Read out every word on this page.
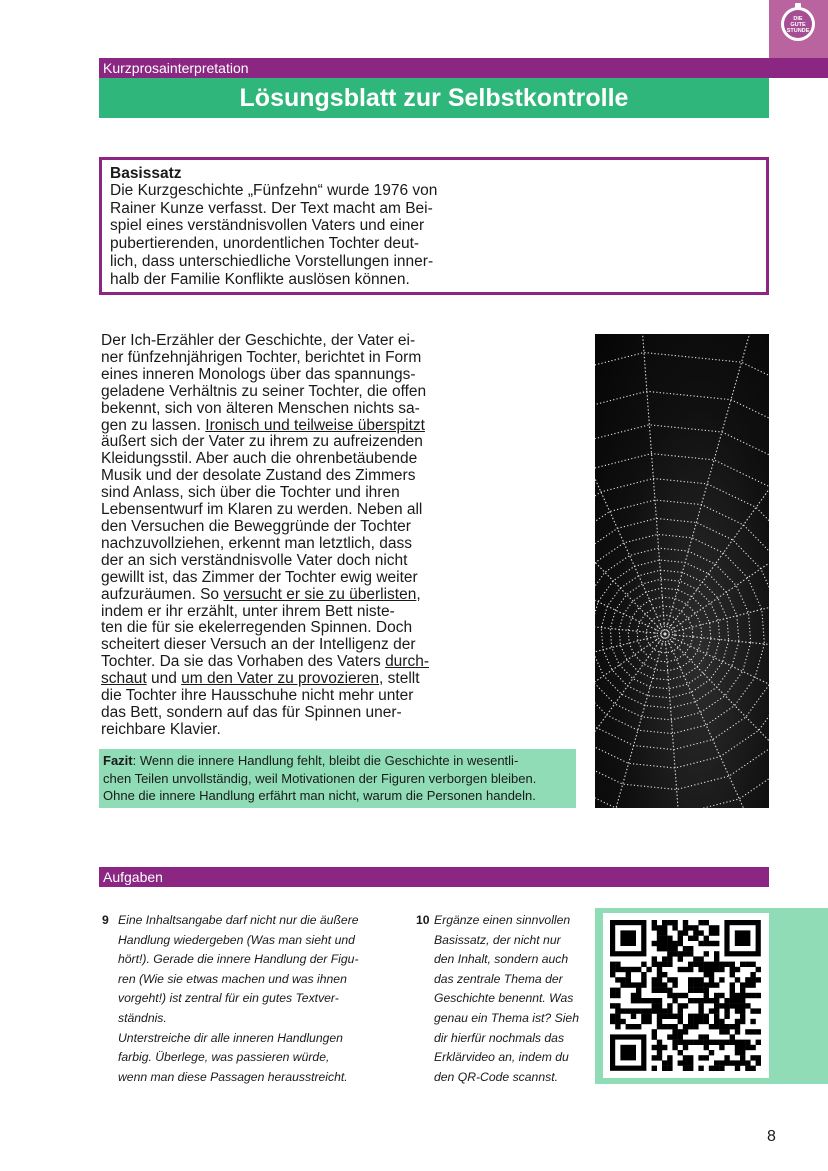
DIE
GUTE
STUNDE
Kurzprosainterpretation
Lösungsblatt zur Selbstkontrolle
Basissatz
Die Kurzgeschichte „Fünfzehn“ wurde 1976 von
Rainer Kunze verfasst. Der Text macht am Bei-
spiel eines verständnisvollen Vaters und einer
pubertierenden, unordentlichen Tochter deut-
lich, dass unterschiedliche Vorstellungen inner-
halb der Familie Konflikte auslösen können.
Der Ich-Erzähler der Geschichte, der Vater ei-
ner fünfzehnjährigen Tochter, berichtet in Form
eines inneren Monologs über das spannungs-
geladene Verhältnis zu seiner Tochter, die offen
bekennt, sich von älteren Menschen nichts sa-
gen zu lassen. Ironisch und teilweise überspitzt
äußert sich der Vater zu ihrem zu aufreizenden
Kleidungsstil. Aber auch die ohrenbetäubende
Musik und der desolate Zustand des Zimmers
sind Anlass, sich über die Tochter und ihren
Lebensentwurf im Klaren zu werden. Neben all
den Versuchen die Beweggründe der Tochter
nachzuvollziehen, erkennt man letztlich, dass
der an sich verständnisvolle Vater doch nicht
gewillt ist, das Zimmer der Tochter ewig weiter
aufzuräumen. So versucht er sie zu überlisten,
indem er ihr erzählt, unter ihrem Bett niste-
ten die für sie ekelerregenden Spinnen. Doch
scheitert dieser Versuch an der Intelligenz der
Tochter. Da sie das Vorhaben des Vaters durch-
schaut und um den Vater zu provozieren, stellt
die Tochter ihre Hausschuhe nicht mehr unter
das Bett, sondern auf das für Spinnen uner-
reichbare Klavier.
Fazit: Wenn die innere Handlung fehlt, bleibt die Geschichte in wesentli-
chen Teilen unvollständig, weil Motivationen der Figuren verborgen bleiben.
Ohne die innere Handlung erfährt man nicht, warum die Personen handeln.
Aufgaben
9 Eine Inhaltsangabe darf nicht nur die äußere

Handlung wiedergeben (Was man sieht und

hört!). Gerade die innere Handlung der Figu-

ren (Wie sie etwas machen und was ihnen

vorgeht!) ist zentral für ein gutes Textver-

ständnis.

Unterstreiche dir alle inneren Handlungen

farbig. Überlege, was passieren würde,

wenn man diese Passagen herausstreicht.

10 Ergänze einen sinnvollen

Basissatz, der nicht nur

den Inhalt, sondern auch

das zentrale Thema der

Geschichte benennt. Was

genau ein Thema ist? Sieh

dir hierfür nochmals das

Erklärvideo an, indem du

den QR-Code scannst.

8
